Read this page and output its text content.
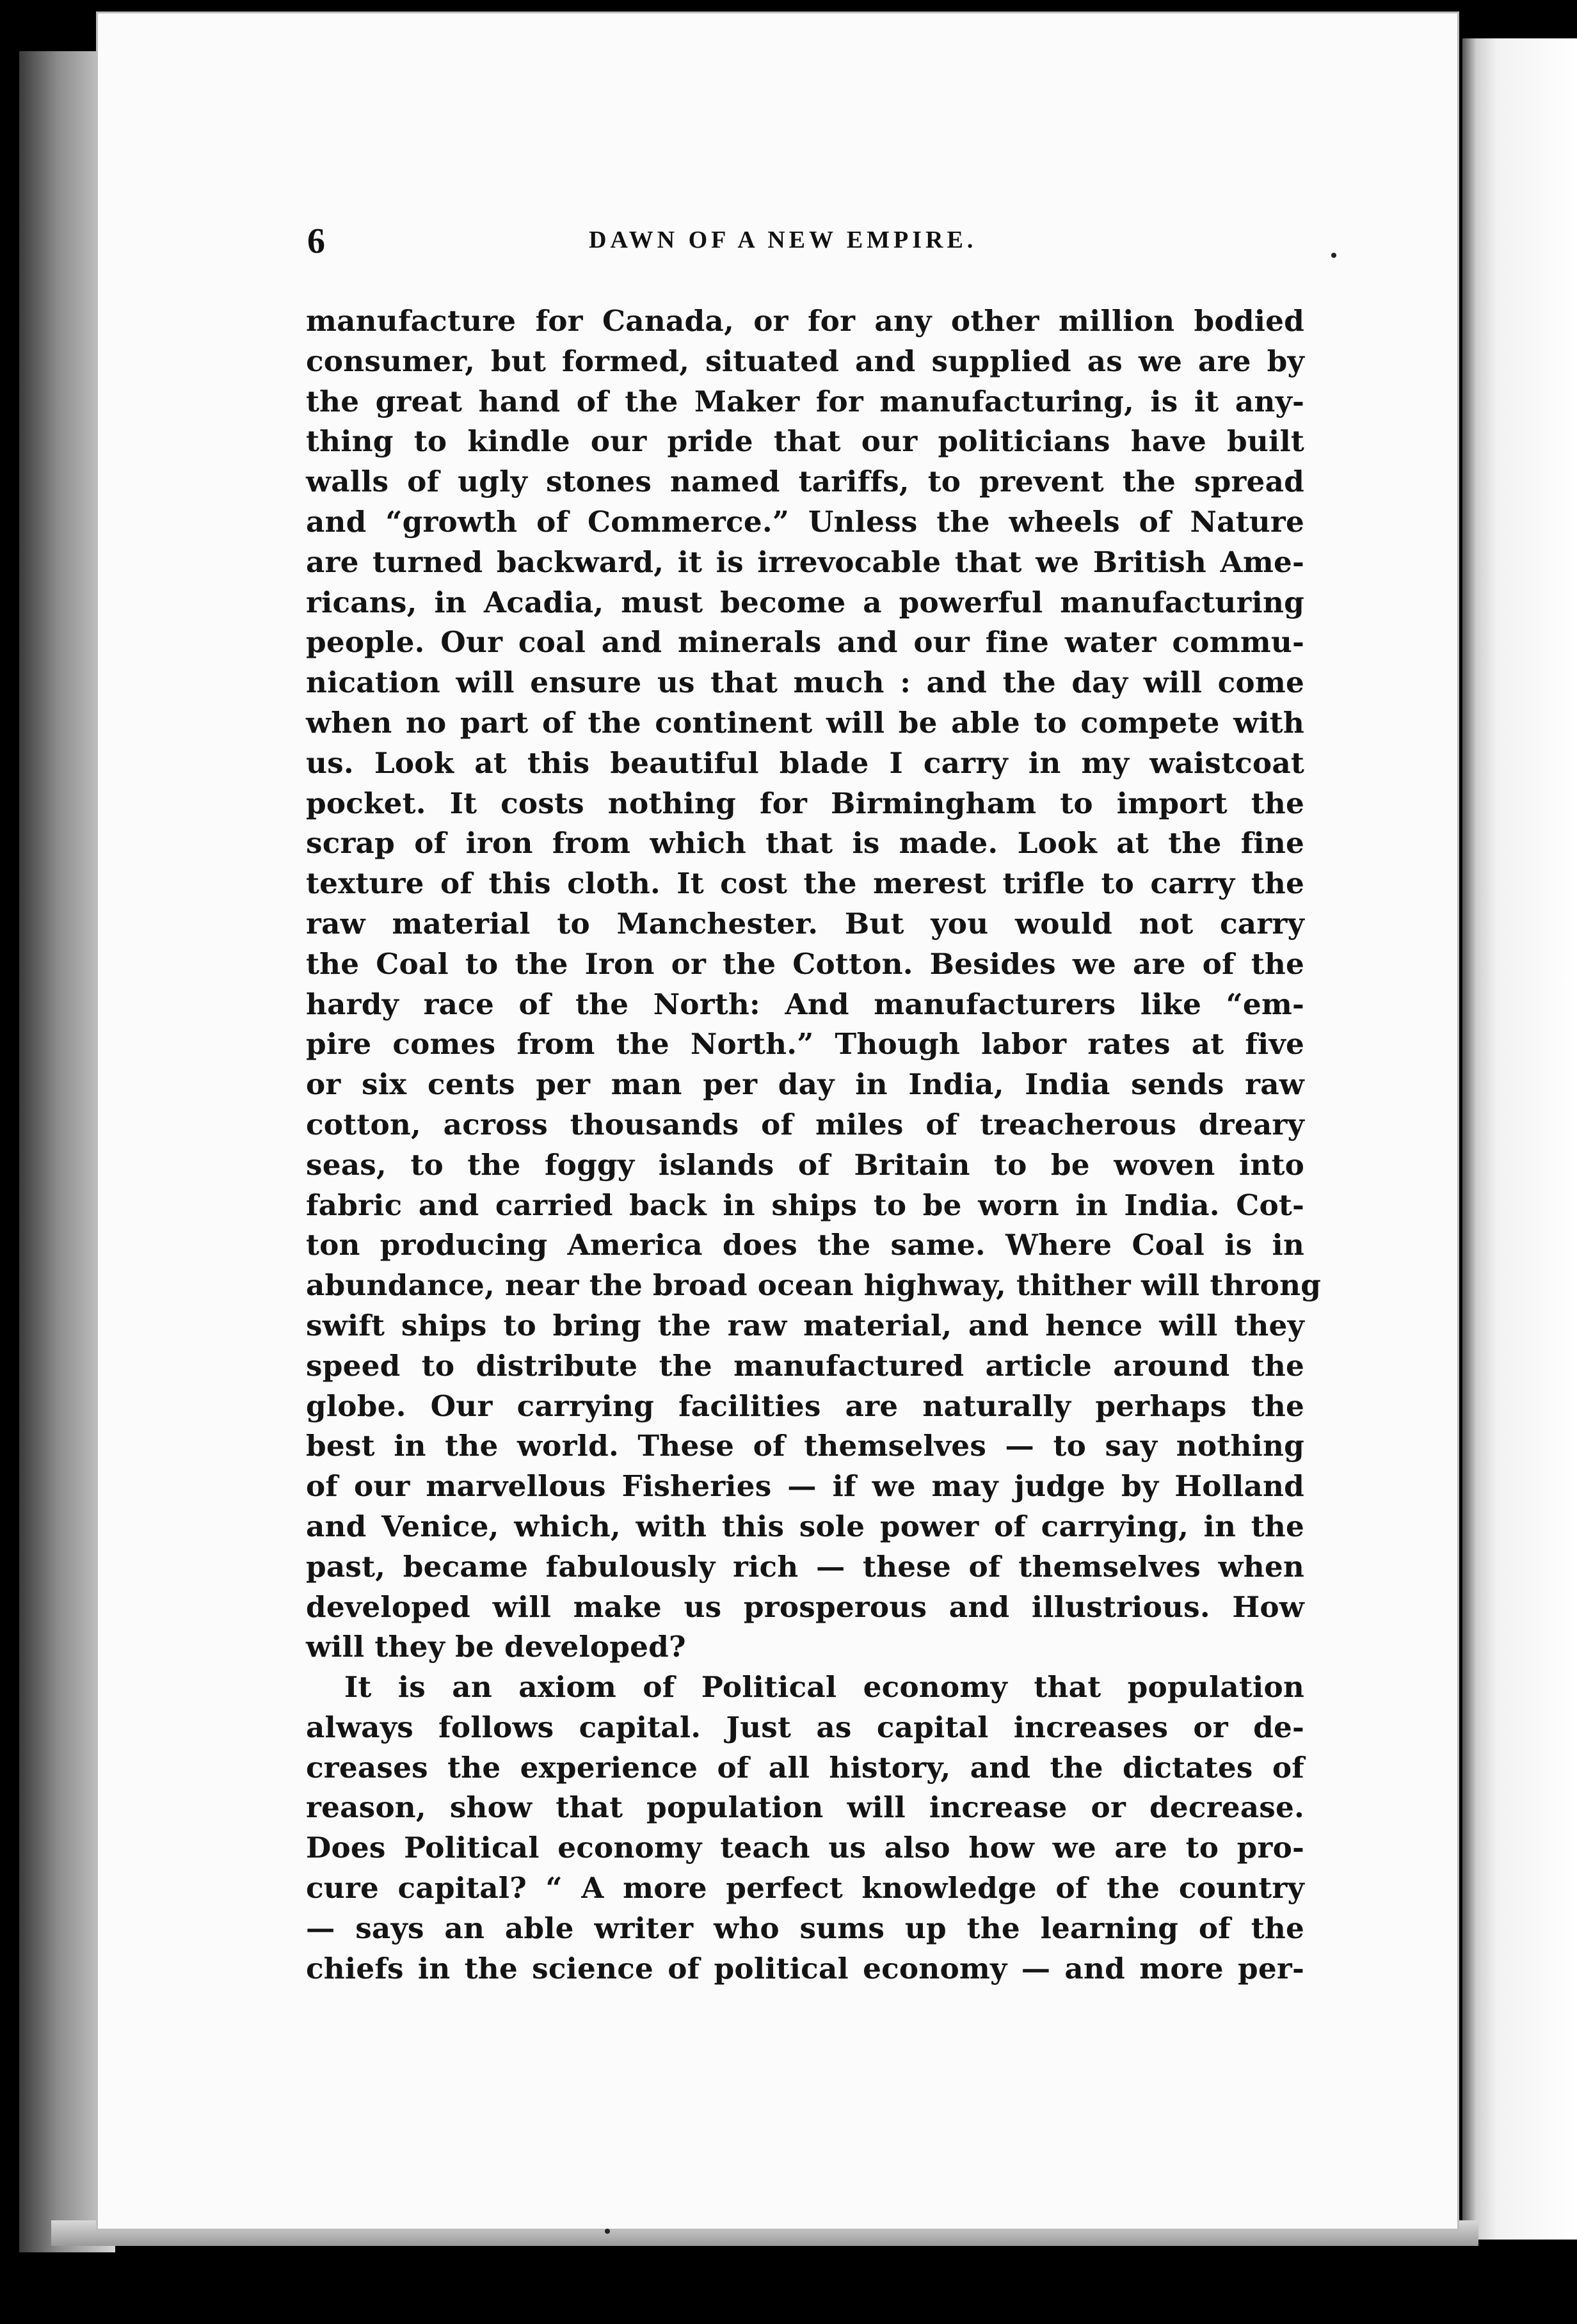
6	DAWN OF A NEW EMPIRE.
manufacture for Canada, or for any other million bodied
consumer, but formed, situated and supplied as we are by
the great hand of the Maker for manufacturing, is it any-
thing to kindle our pride that our politicians have built
walls of ugly stones named tariffs, to prevent the spread
and “growth of Commerce.” Unless the wheels of Nature
are turned backward, it is irrevocable that we British Ame-
ricans, in Acadia, must become a powerful manufacturing
people. Our coal and minerals and our fine water commu-
nication will ensure us that much : and the day will come
when no part of the continent will be able to compete with
us. Look at this beautiful blade I carry in my waistcoat
pocket. It costs nothing for Birmingham to import the
scrap of iron from which that is made. Look at the fine
texture of this cloth. It cost the merest trifle to carry the
raw material to Manchester. But you would not carry
the Coal to the Iron or the Cotton. Besides we are of the
hardy race of the North: And manufacturers like “em-
pire comes from the North.” Though labor rates at five
or six cents per man per day in India, India sends raw
cotton, across thousands of miles of treacherous dreary
seas, to the foggy islands of Britain to be woven into
fabric and carried back in ships to be worn in India. Cot-
ton producing America does the same. Where Coal is in
abundance, near the broad ocean highway, thither will throng
swift ships to bring the raw material, and hence will they
speed to distribute the manufactured article around the
globe. Our carrying facilities are naturally perhaps the
best in the world. These of themselves — to say nothing
of our marvellous Fisheries — if we may judge by Holland
and Venice, which, with this sole power of carrying, in the
past, became fabulously rich — these of themselves when
developed will make us prosperous and illustrious. How
will they be developed?
It is an axiom of Political economy that population
always follows capital. Just as capital increases or de-
creases the experience of all history, and the dictates of
reason, show that population will increase or decrease.
Does Political economy teach us also how we are to pro-
cure capital? “ A more perfect knowledge of the country
— says an able writer who sums up the learning of the
chiefs in the science of political economy — and more per-
